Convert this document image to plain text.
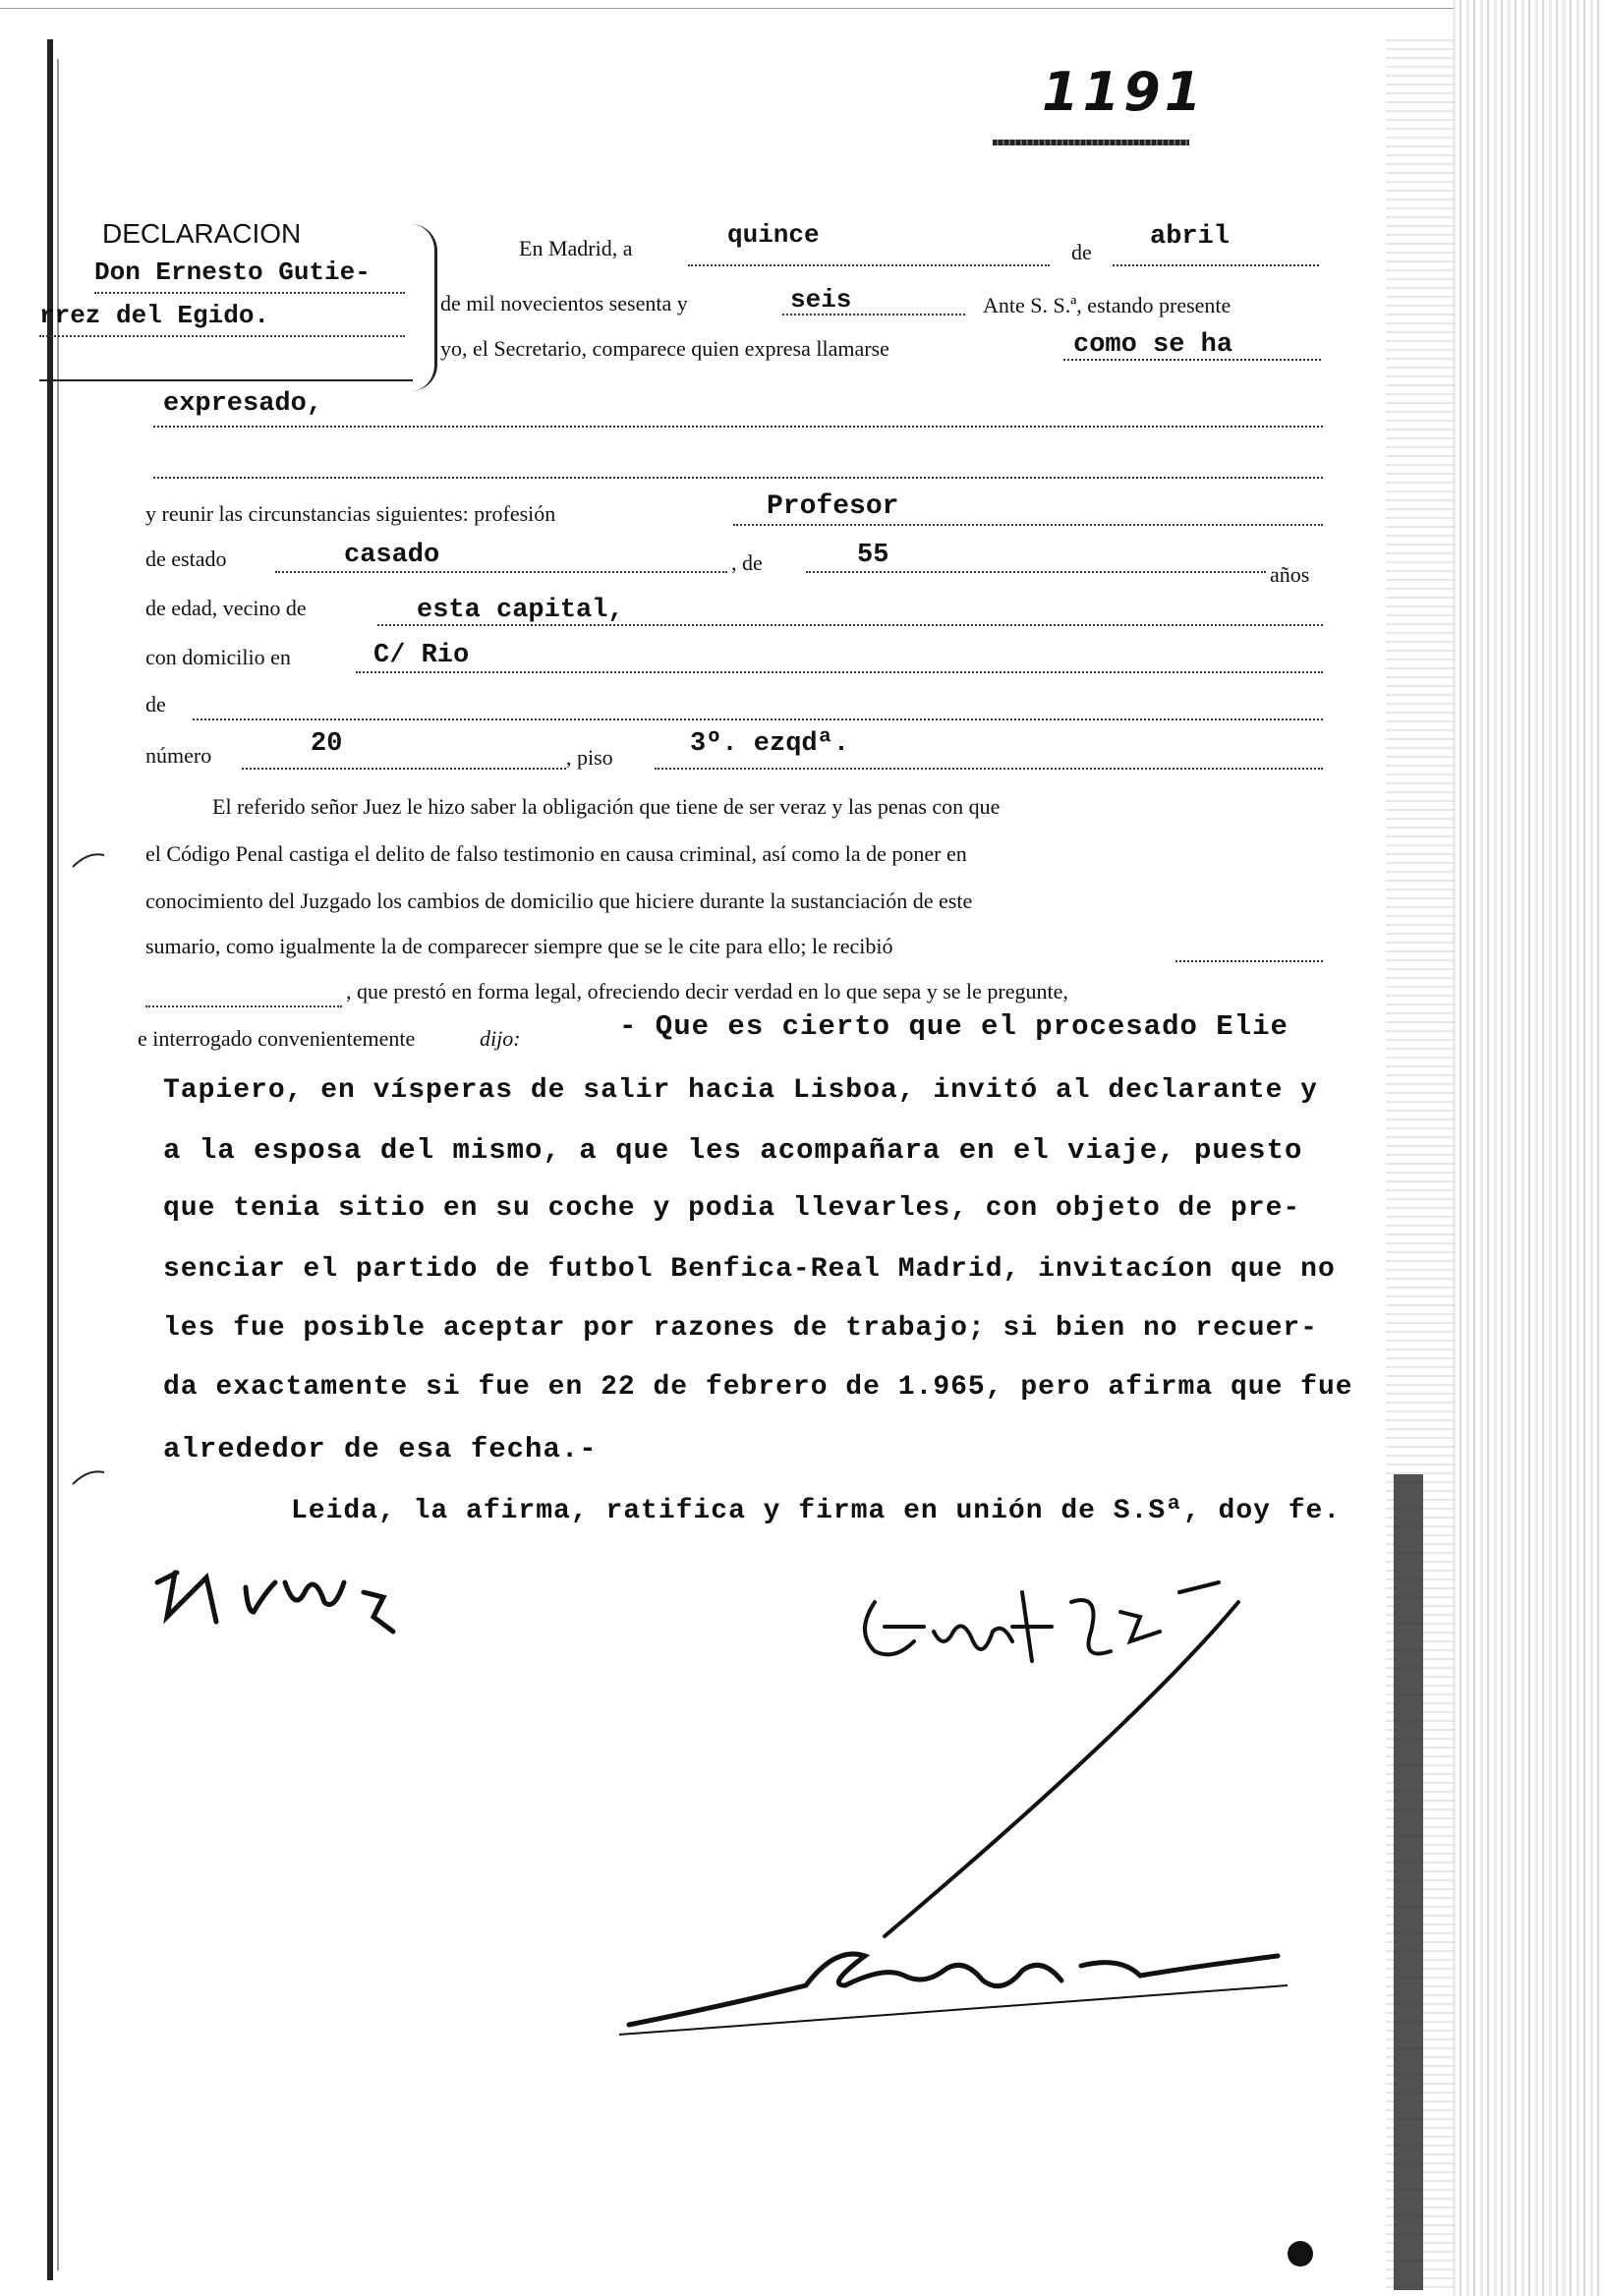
1191
DECLARACION
Don Ernesto Gutie-
rrez del Egido.
En Madrid, a	quince
de
abril
de mil novecientos sesenta y	seis	Ante S. S.ª, estando presente
yo, el Secretario, comparece quien expresa llamarse	como se ha
expresado,
y reunir las circunstancias siguientes: profesión	Profesor
de estado	casado	, de	55
años
de edad, vecino de	esta capital,
con domicilio en	C/ Rio
de
número	20	, piso	3º. ezqdª.
El referido señor Juez le hizo saber la obligación que tiene de ser veraz y las penas con que
el Código Penal castiga el delito de falso testimonio en causa criminal, así como la de poner en
conocimiento del Juzgado los cambios de domicilio que hiciere durante la sustanciación de este
sumario, como igualmente la de comparecer siempre que se le cite para ello; le recibió
, que prestó en forma legal, ofreciendo decir verdad en lo que sepa y se le pregunte,
e interrogado convenientemente	dijo:	- Que es cierto que el procesado Elie
Tapiero, en vísperas de salir hacia Lisboa, invitó al declarante y
a la esposa del mismo, a que les acompañara en el viaje, puesto
que tenia sitio en su coche y podia llevarles, con objeto de pre-
senciar el partido de futbol Benfica-Real Madrid, invitacíon que no
les fue posible aceptar por razones de trabajo; si bien no recuer-
da exactamente si fue en 22 de febrero de 1.965, pero afirma que fue
alrededor de esa fecha.-
Leida, la afirma, ratifica y firma en unión de S.Sª, doy fe.
